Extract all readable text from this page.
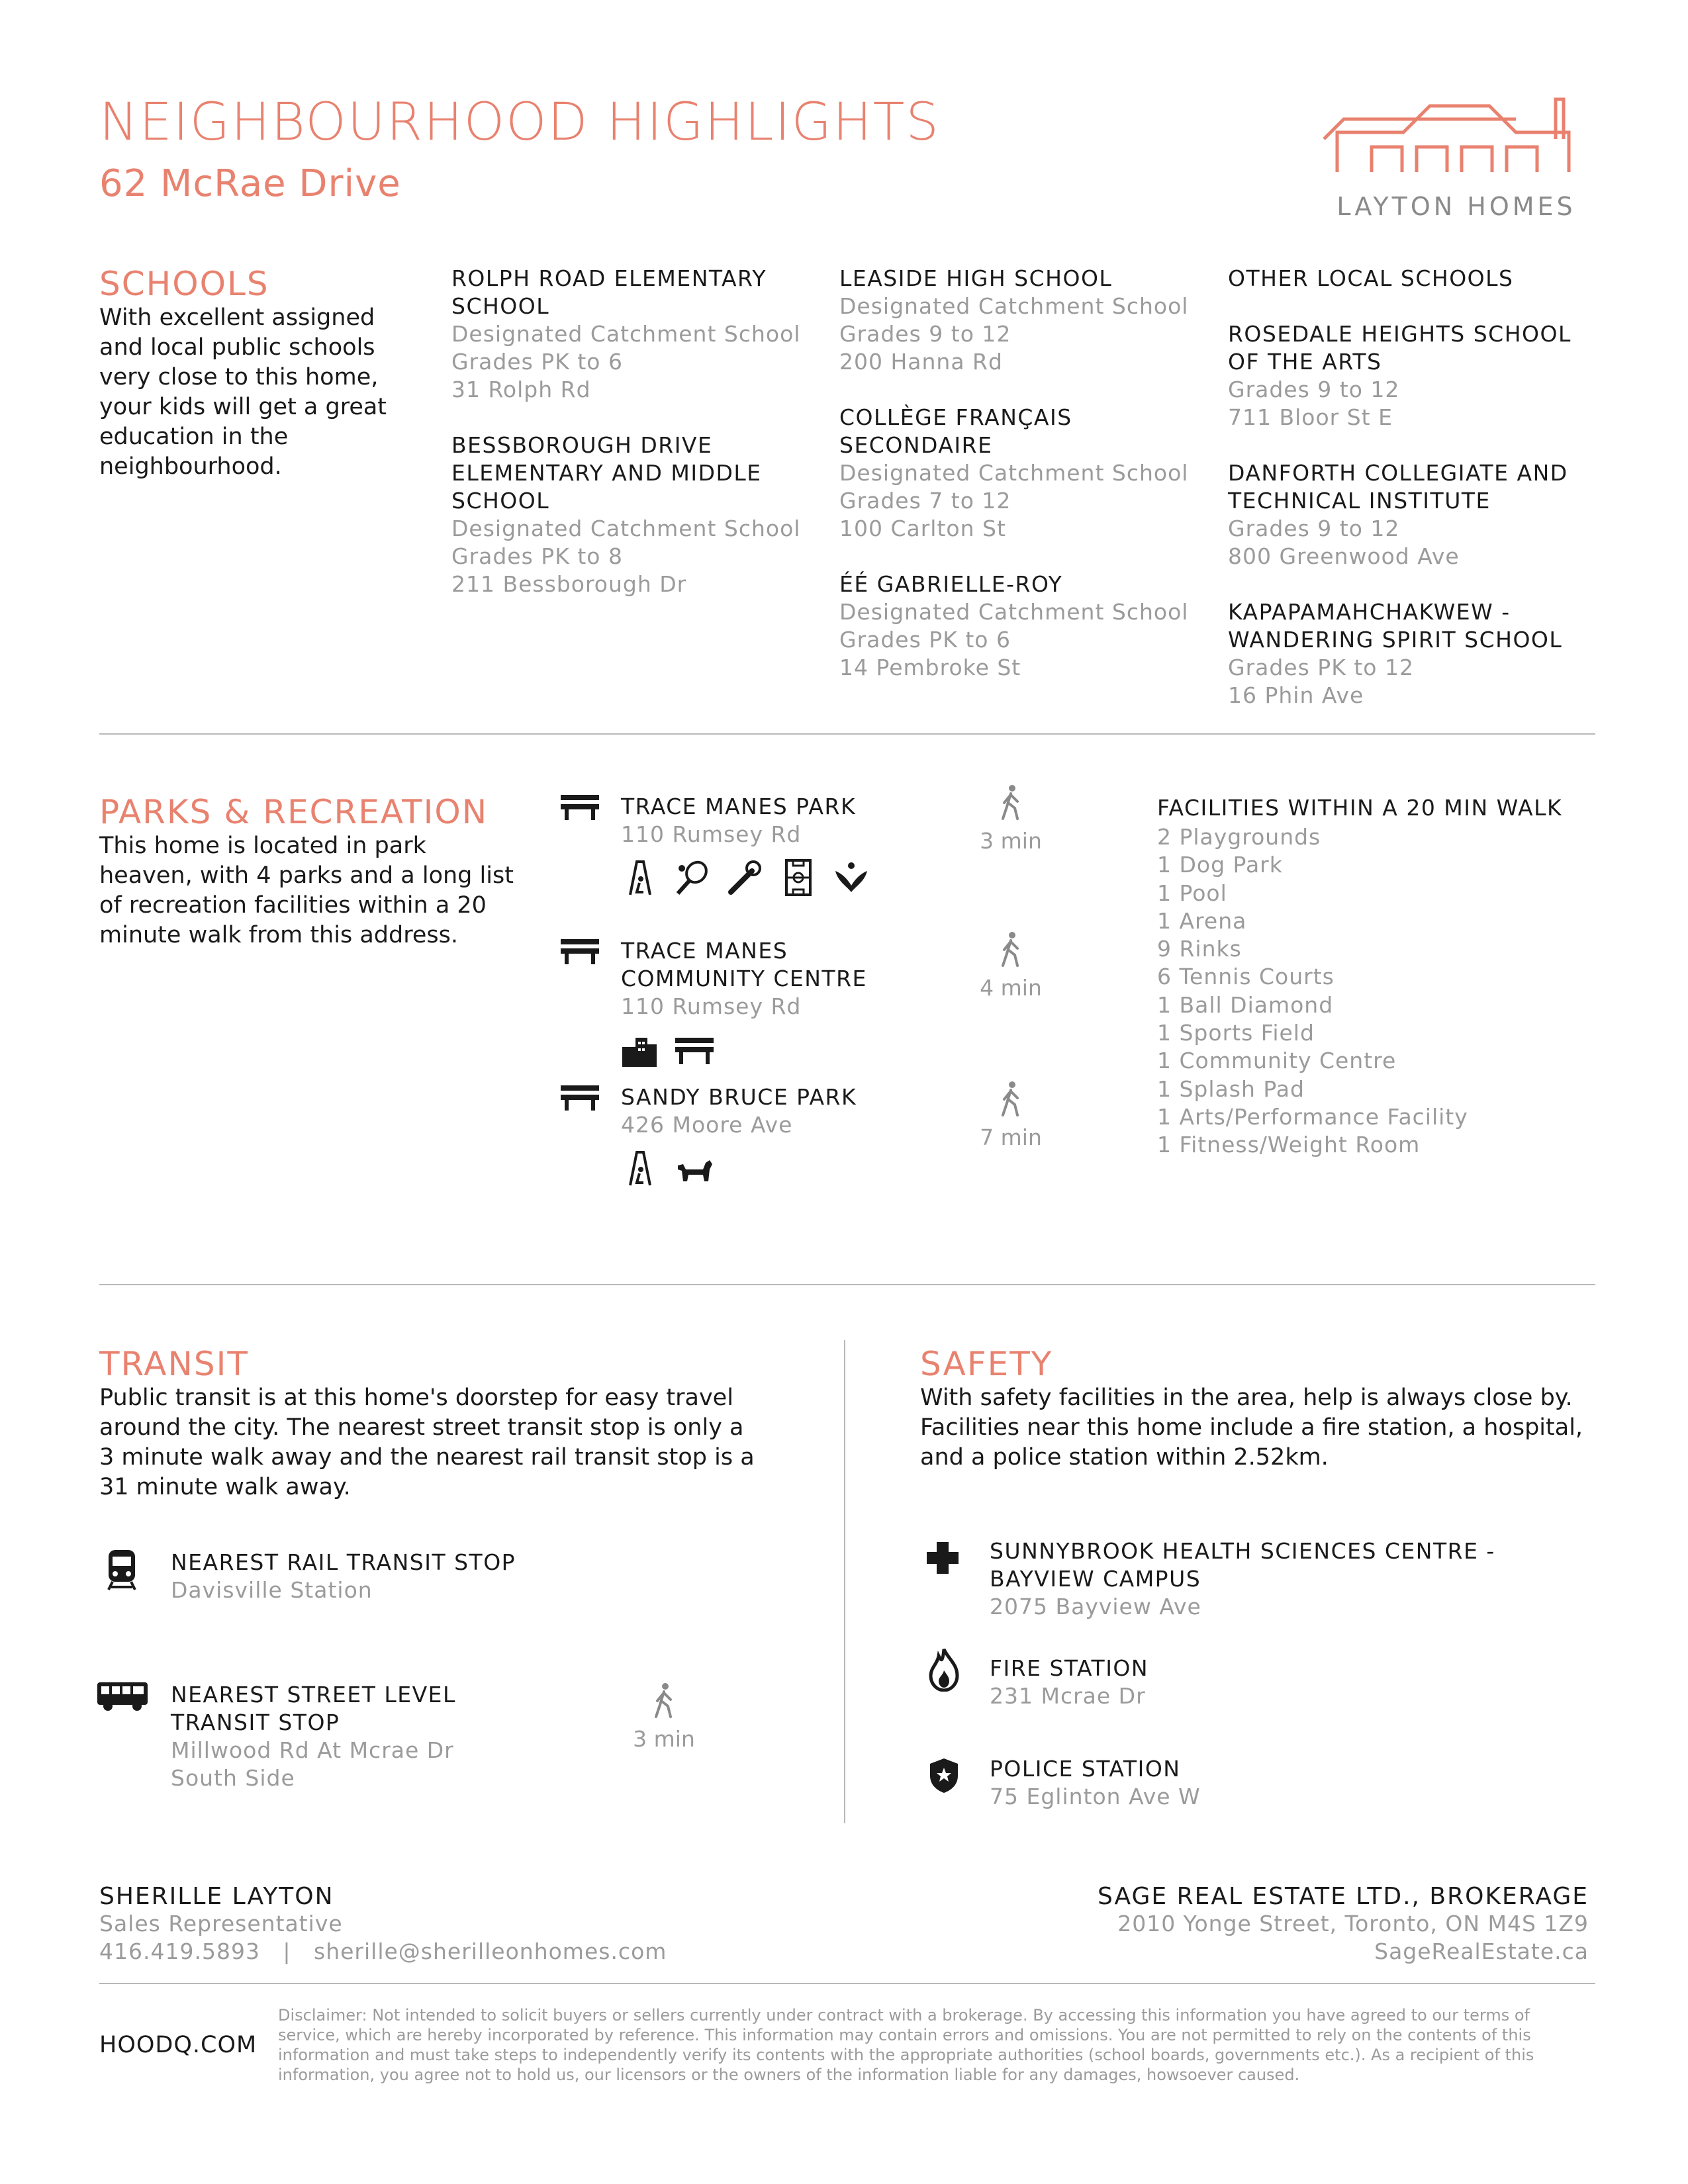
NEIGHBOURHOOD HIGHLIGHTS
62 McRae Drive
LAYTON HOMES
SCHOOLS
With excellent assigned and local public schools very close to this home, your kids will get a great education in the neighbourhood.
ROLPH ROAD ELEMENTARY SCHOOL
Designated Catchment School
Grades PK to 6
31 Rolph Rd
BESSBOROUGH DRIVE ELEMENTARY AND MIDDLE SCHOOL
Designated Catchment School
Grades PK to 8
211 Bessborough Dr
LEASIDE HIGH SCHOOL
Designated Catchment School
Grades 9 to 12
200 Hanna Rd
COLLÈGE FRANÇAIS SECONDAIRE
Designated Catchment School
Grades 7 to 12
100 Carlton St
ÉÉ GABRIELLE-ROY
Designated Catchment School
Grades PK to 6
14 Pembroke St
OTHER LOCAL SCHOOLS
ROSEDALE HEIGHTS SCHOOL OF THE ARTS
Grades 9 to 12
711 Bloor St E
DANFORTH COLLEGIATE AND TECHNICAL INSTITUTE
Grades 9 to 12
800 Greenwood Ave
KAPAPAMAHCHAKWEW - WANDERING SPIRIT SCHOOL
Grades PK to 12
16 Phin Ave
PARKS & RECREATION
This home is located in park heaven, with 4 parks and a long list of recreation facilities within a 20 minute walk from this address.
TRACE MANES PARK
110 Rumsey Rd	3 min
TRACE MANES COMMUNITY CENTRE
110 Rumsey Rd
4 min
SANDY BRUCE PARK
426 Moore Ave	7 min
FACILITIES WITHIN A 20 MIN WALK
2 Playgrounds
1 Dog Park
1 Pool
1 Arena
9 Rinks
6 Tennis Courts
1 Ball Diamond
1 Sports Field
1 Community Centre
1 Splash Pad
1 Arts/Performance Facility
1 Fitness/Weight Room
TRANSIT
Public transit is at this home's doorstep for easy travel around the city. The nearest street transit stop is only a 3 minute walk away and the nearest rail transit stop is a 31 minute walk away.
NEAREST RAIL TRANSIT STOP
Davisville Station
NEAREST STREET LEVEL TRANSIT STOP
Millwood Rd At Mcrae Dr South Side
3 min
SAFETY
With safety facilities in the area, help is always close by. Facilities near this home include a fire station, a hospital, and a police station within 2.52km.
SUNNYBROOK HEALTH SCIENCES CENTRE - BAYVIEW CAMPUS
2075 Bayview Ave
FIRE STATION
231 Mcrae Dr
POLICE STATION
75 Eglinton Ave W
SHERILLE LAYTON
Sales Representative
416.419.5893   |   sherille@sherilleonhomes.com
SAGE REAL ESTATE LTD., BROKERAGE
2010 Yonge Street, Toronto, ON M4S 1Z9
SageRealEstate.ca
HOODQ.COM
Disclaimer: Not intended to solicit buyers or sellers currently under contract with a brokerage. By accessing this information you have agreed to our terms of service, which are hereby incorporated by reference. This information may contain errors and omissions. You are not permitted to rely on the contents of this information and must take steps to independently verify its contents with the appropriate authorities (school boards, governments etc.). As a recipient of this information, you agree not to hold us, our licensors or the owners of the information liable for any damages, howsoever caused.
